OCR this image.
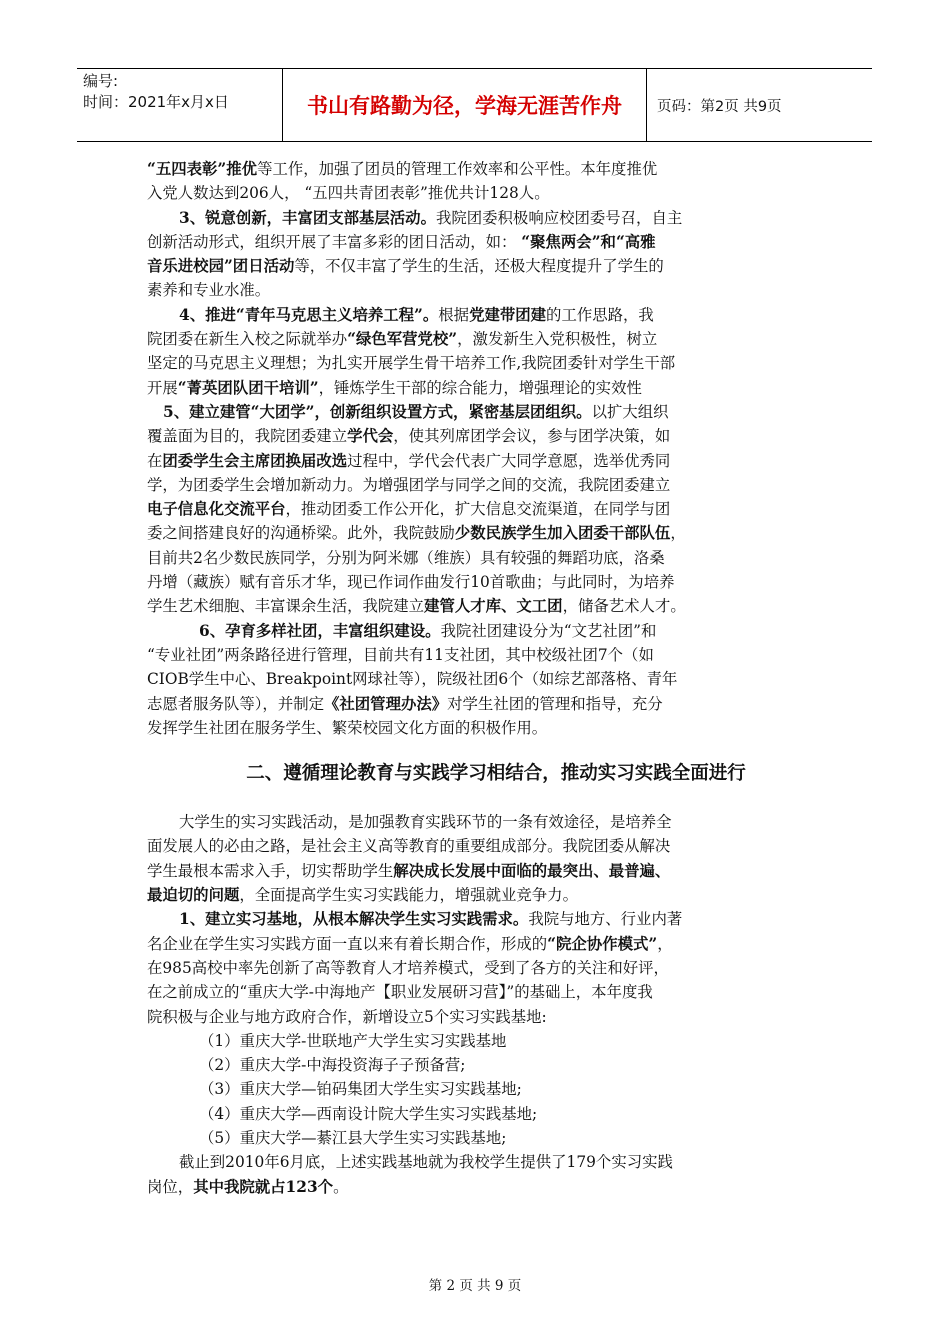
编号:
时间：2021年x月x日	书山有路勤为径，学海无涯苦作舟	页码：第2页 共9页
“五四表彰”推优等工作，加强了团员的管理工作效率和公平性。本年度推优
入党人数达到206人， “五四共青团表彰”推优共计128人。
3、锐意创新，丰富团支部基层活动。我院团委积极响应校团委号召，自主
创新活动形式，组织开展了丰富多彩的团日活动，如： “聚焦两会”和“高雅
音乐进校园”团日活动等，不仅丰富了学生的生活，还极大程度提升了学生的
素养和专业水准。
4、推进“青年马克思主义培养工程”。根据党建带团建的工作思路，我
院团委在新生入校之际就举办“绿色军营党校”，激发新生入党积极性，树立
坚定的马克思主义理想；为扎实开展学生骨干培养工作,我院团委针对学生干部
开展“菁英团队团干培训”，锤炼学生干部的综合能力，增强理论的实效性
5、建立建管“大团学”，创新组织设置方式，紧密基层团组织。以扩大组织
覆盖面为目的，我院团委建立学代会，使其列席团学会议，参与团学决策，如
在团委学生会主席团换届改选过程中，学代会代表广大同学意愿，选举优秀同
学，为团委学生会增加新动力。为增强团学与同学之间的交流，我院团委建立
电子信息化交流平台，推动团委工作公开化，扩大信息交流渠道，在同学与团
委之间搭建良好的沟通桥梁。此外，我院鼓励少数民族学生加入团委干部队伍，
目前共2名少数民族同学，分别为阿米娜（维族）具有较强的舞蹈功底，洛桑
丹增（藏族）赋有音乐才华，现已作词作曲发行10首歌曲；与此同时，为培养
学生艺术细胞、丰富课余生活，我院建立建管人才库、文工团，储备艺术人才。
6、孕育多样社团，丰富组织建设。我院社团建设分为“文艺社团”和
“专业社团”两条路径进行管理，目前共有11支社团，其中校级社团7个（如
CIOB学生中心、Breakpoint网球社等），院级社团6个（如综艺部落格、青年
志愿者服务队等），并制定《社团管理办法》对学生社团的管理和指导，充分
发挥学生社团在服务学生、繁荣校园文化方面的积极作用。
二、遵循理论教育与实践学习相结合，推动实习实践全面进行
大学生的实习实践活动，是加强教育实践环节的一条有效途径，是培养全
面发展人的必由之路，是社会主义高等教育的重要组成部分。我院团委从解决
学生最根本需求入手，切实帮助学生解决成长发展中面临的最突出、最普遍、
最迫切的问题，全面提高学生实习实践能力，增强就业竞争力。
1、建立实习基地，从根本解决学生实习实践需求。我院与地方、行业内著
名企业在学生实习实践方面一直以来有着长期合作，形成的“院企协作模式”，
在985高校中率先创新了高等教育人才培养模式，受到了各方的关注和好评，
在之前成立的“重庆大学-中海地产【职业发展研习营】”的基础上，本年度我
院积极与企业与地方政府合作，新增设立5个实习实践基地:
（1）重庆大学-世联地产大学生实习实践基地
（2）重庆大学-中海投资海子子预备营;
（3）重庆大学—铂码集团大学生实习实践基地;
（4）重庆大学—西南设计院大学生实习实践基地;
（5）重庆大学—綦江县大学生实习实践基地;
截止到2010年6月底，上述实践基地就为我校学生提供了179个实习实践
岗位，其中我院就占123个。
第 2 页 共 9 页
